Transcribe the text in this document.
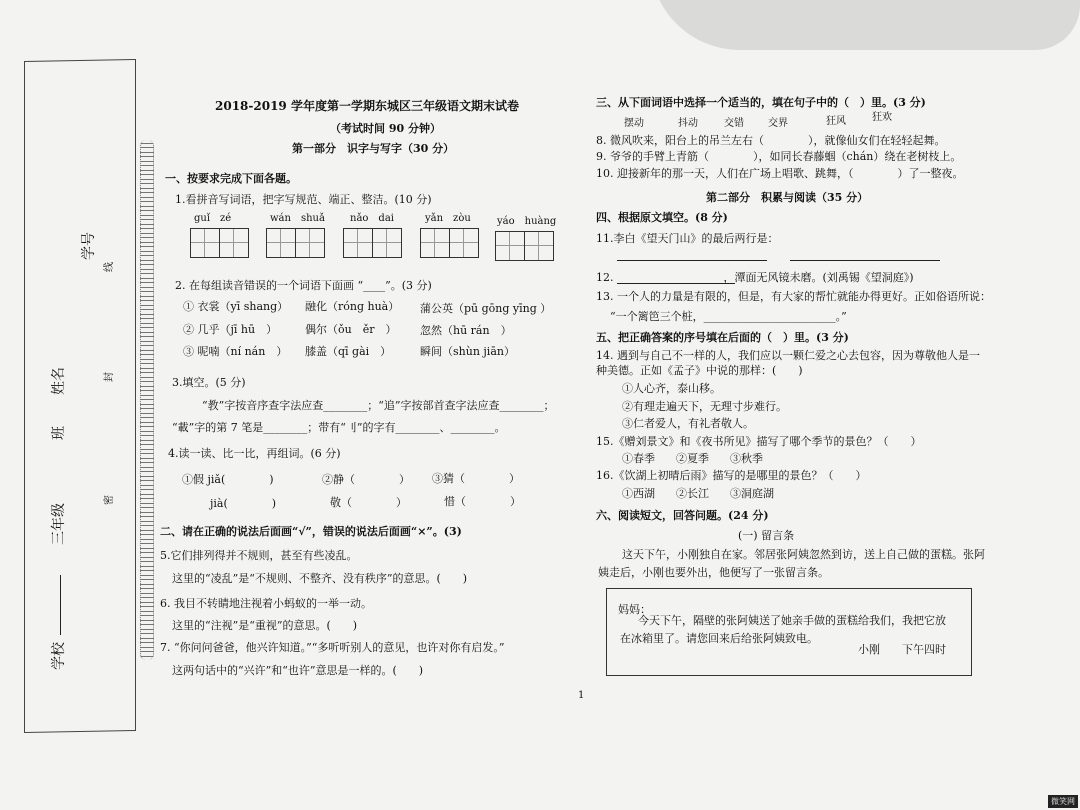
学校
三年级
班
姓名
学号
密
封
线
2018-2019 学年度第一学期东城区三年级语文期末试卷
（考试时间 90 分钟）
第一部分　识字与写字（30 分）
一、按要求完成下面各题。
1.看拼音写词语，把字写规范、端正、整洁。(10 分)
guǐ　zé	wán　shuǎ	nǎo　dai	yǎn　zòu	yáo　huàng
2. 在每组读音错误的一个词语下面画 “____”。(3 分)
① 衣裳（yī shang） 融化（róng huà） 蒲公英（pū gōng yīng ）
② 几乎（jī hū　）	偶尔（ǒu　ěr　） 忽然（hū rán　）
③ 呢喃（ní nán　） 膝盖（qī gài　）	瞬间（shùn jiān）
3.填空。(5 分)
“教”字按音序查字法应查________；“追”字按部首查字法应查________；
“載”字的第 7 笔是________；带有“刂”的字有________、________。
4.读一读、比一比，再组词。(6 分)
①假 jiǎ(　　　　)	②静（　　　　） ③猜（　　　　）
jià(　　　　)	敬（　　　　）	惜（　　　　）
二、请在正确的说法后面画“√”，错误的说法后面画“×”。(3)
5.它们排列得并不规则，甚至有些凌乱。
这里的“凌乱”是“不规则、不整齐、没有秩序”的意思。(　　)
6. 我目不转睛地注视着小蚂蚁的一举一动。
这里的“注视”是“重视”的意思。(　　)
7. “你问问爸爸，他兴许知道。”“多听听别人的意见，也许对你有启发。”
这两句话中的“兴许”和“也许”意思是一样的。(　　)
三、从下面词语中选择一个适当的，填在句子中的（　）里。(3 分)
摆动	抖动	交错 交界	狂风	狂欢
8. 微风吹来，阳台上的吊兰左右（　　　　），就像仙女们在轻轻起舞。
9. 爷爷的手臂上青筋（　　　　），如同长春藤蝈（chán）绕在老树枝上。
10. 迎接新年的那一天，人们在广场上唱歌、跳舞，（　　　　）了一整夜。
第二部分　积累与阅读（35 分）
四、根据原文填空。(8 分)
11.李白《望天门山》的最后两行是：
12.　　　　　　　　　　，潭面无风镜未磨。(刘禹锡《望洞庭》)
13. 一个人的力量是有限的，但是，有大家的帮忙就能办得更好。正如俗语所说：
“一个篱笆三个桩，________________________。”
五、把正确答案的序号填在后面的（　）里。(3 分)
14. 遇到与自己不一样的人，我们应以一颗仁爱之心去包容，因为尊敬他人是一
种美德。正如《孟子》中说的那样：(　　)
①人心齐，泰山移。
②有理走遍天下，无理寸步难行。
③仁者爱人，有礼者敬人。
15.《赠刘景文》和《夜书所见》描写了哪个季节的景色？（　　）
①春季 ②夏季 ③秋季
16.《饮湖上初晴后雨》描写的是哪里的景色？（　　）
①西湖 ②长江 ③洞庭湖
六、阅读短文，回答问题。(24 分)
(一) 留言条
这天下午，小刚独自在家。邻居张阿姨忽然到访，送上自己做的蛋糕。张阿
姨走后，小刚也要外出，他便写了一张留言条。
妈妈：
今天下午，隔壁的张阿姨送了她亲手做的蛋糕给我们，我把它放
在冰箱里了。请您回来后给张阿姨致电。
小刚 下午四时
1
微笑网
